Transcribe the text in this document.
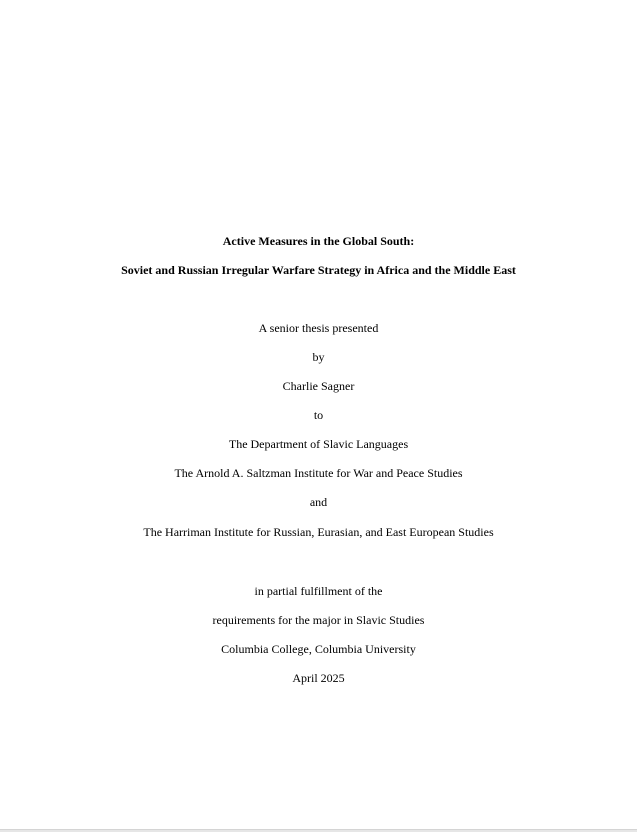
Active Measures in the Global South:
Soviet and Russian Irregular Warfare Strategy in Africa and the Middle East
A senior thesis presented
by
Charlie Sagner
to
The Department of Slavic Languages
The Arnold A. Saltzman Institute for War and Peace Studies
and
The Harriman Institute for Russian, Eurasian, and East European Studies
in partial fulfillment of the
requirements for the major in Slavic Studies
Columbia College, Columbia University
April 2025
